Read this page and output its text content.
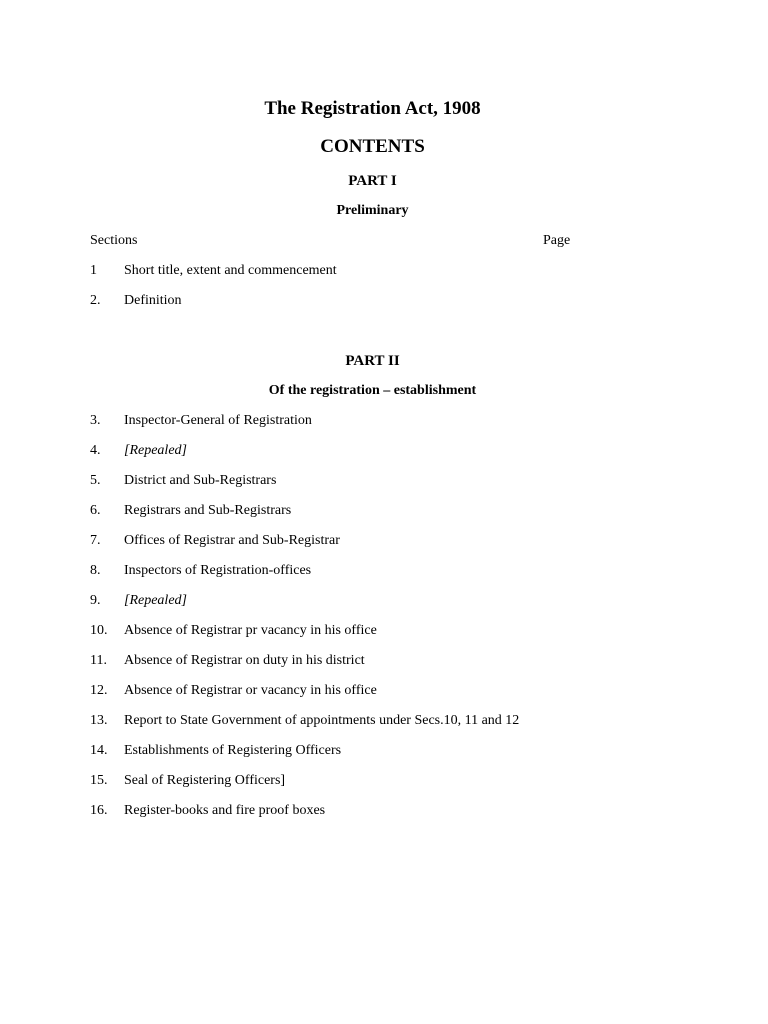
The Registration Act, 1908
CONTENTS
PART I
Preliminary
Sections	Page
1	Short title, extent and commencement
2.	Definition
PART II
Of the registration – establishment
3.	Inspector-General of Registration
4.	[Repealed]
5.	District and Sub-Registrars
6.	Registrars and Sub-Registrars
7.	Offices of Registrar and Sub-Registrar
8.	Inspectors of Registration-offices
9.	[Repealed]
10.	Absence of Registrar pr vacancy in his office
11.	Absence of Registrar on duty in his district
12.	Absence of Registrar or vacancy in his office
13.	Report to State Government of appointments under Secs.10, 11 and 12
14.	Establishments of Registering Officers
15.	Seal of Registering Officers]
16.	Register-books and fire proof boxes
